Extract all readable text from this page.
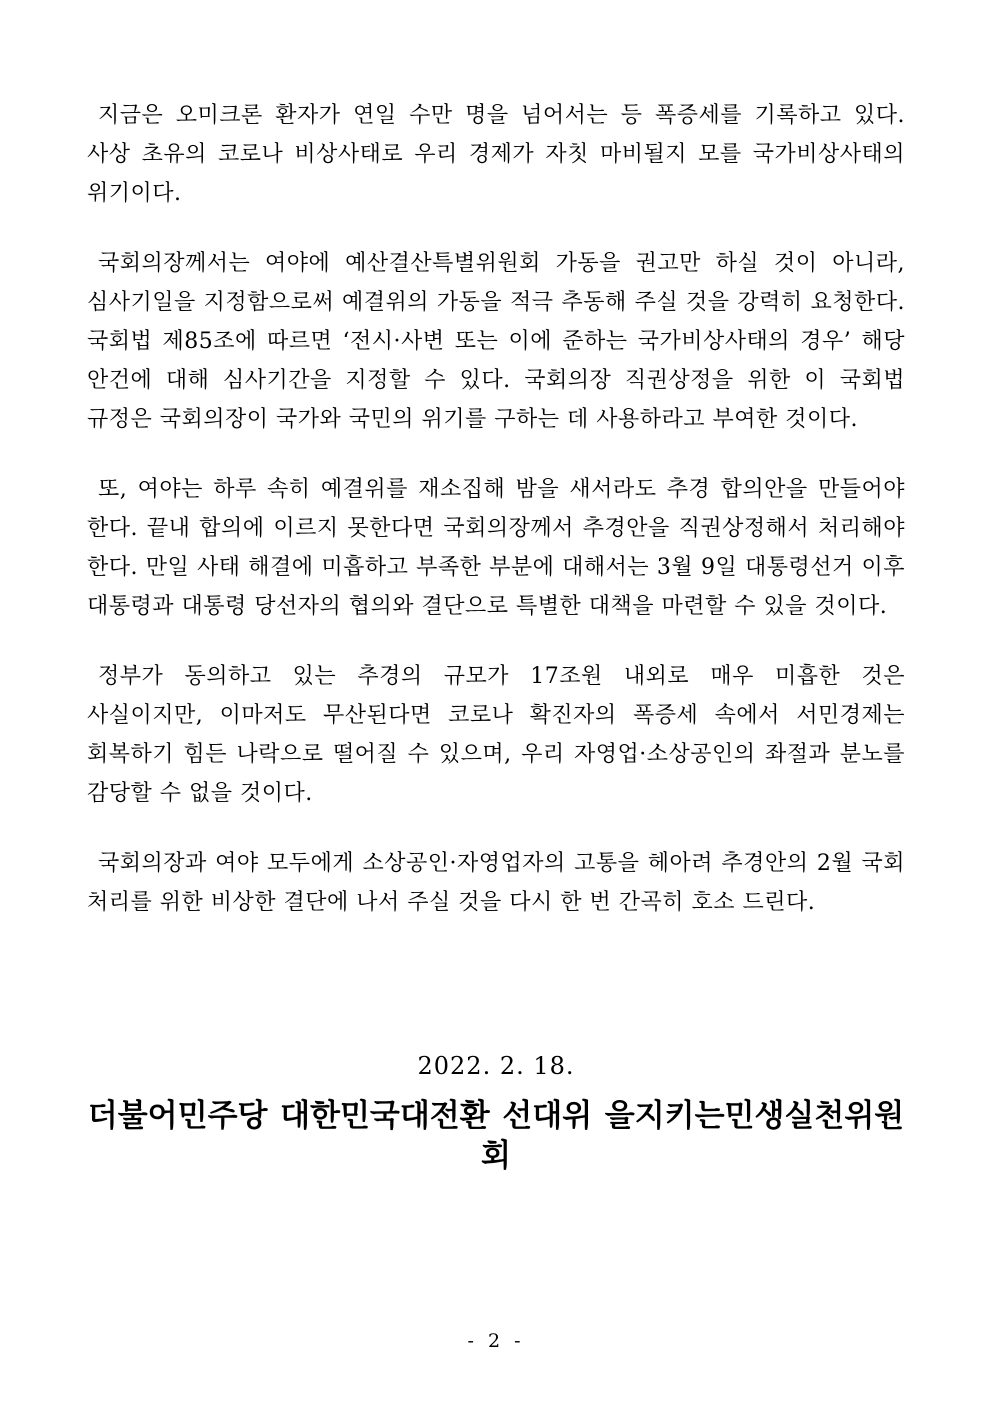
지금은 오미크론 환자가 연일 수만 명을 넘어서는 등 폭증세를 기록하고 있다. 사상 초유의 코로나 비상사태로 우리 경제가 자칫 마비될지 모를 국가비상사태의 위기이다.

국회의장께서는 여야에 예산결산특별위원회 가동을 권고만 하실 것이 아니라, 심사기일을 지정함으로써 예결위의 가동을 적극 추동해 주실 것을 강력히 요청한다. 국회법 제85조에 따르면 ‘전시·사변 또는 이에 준하는 국가비상사태의 경우’ 해당 안건에 대해 심사기간을 지정할 수 있다. 국회의장 직권상정을 위한 이 국회법 규정은 국회의장이 국가와 국민의 위기를 구하는 데 사용하라고 부여한 것이다.

또, 여야는 하루 속히 예결위를 재소집해 밤을 새서라도 추경 합의안을 만들어야 한다. 끝내 합의에 이르지 못한다면 국회의장께서 추경안을 직권상정해서 처리해야 한다. 만일 사태 해결에 미흡하고 부족한 부분에 대해서는 3월 9일 대통령선거 이후 대통령과 대통령 당선자의 협의와 결단으로 특별한 대책을 마련할 수 있을 것이다.

정부가 동의하고 있는 추경의 규모가 17조원 내외로 매우 미흡한 것은 사실이지만, 이마저도 무산된다면 코로나 확진자의 폭증세 속에서 서민경제는 회복하기 힘든 나락으로 떨어질 수 있으며, 우리 자영업·소상공인의 좌절과 분노를 감당할 수 없을 것이다.

국회의장과 여야 모두에게 소상공인·자영업자의 고통을 헤아려 추경안의 2월 국회 처리를 위한 비상한 결단에 나서 주실 것을 다시 한 번 간곡히 호소 드린다.

2022. 2. 18.
더불어민주당 대한민국대전환 선대위 을지키는민생실천위원회
- 2 -
